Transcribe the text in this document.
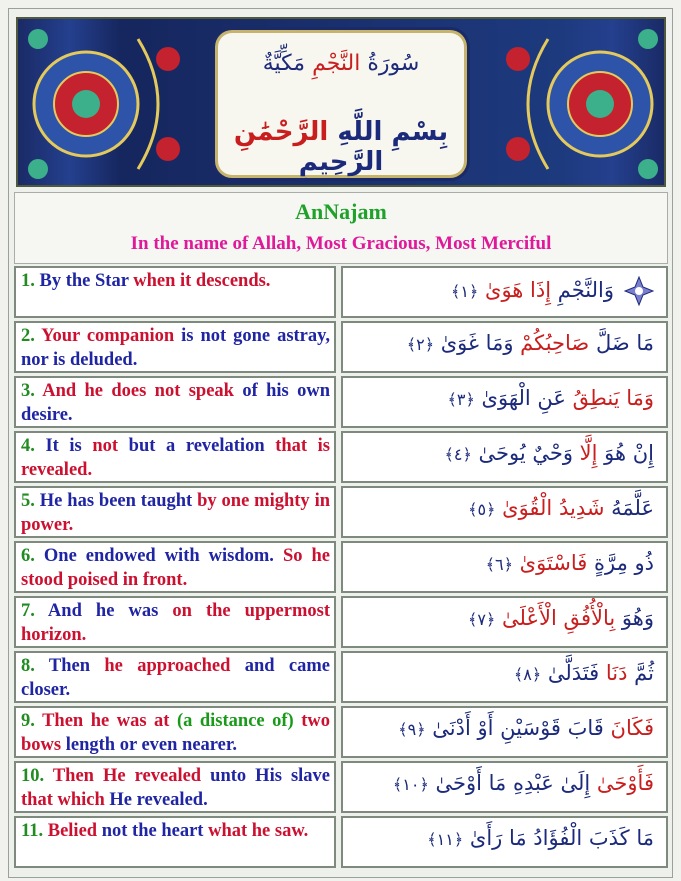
سُورَةُ النَّجْمِ مَكِّيَّةٌ
بِسْمِ اللَّهِ الرَّحْمَٰنِ الرَّحِيمِ
AnNajam
In the name of Allah, Most Gracious, Most Merciful
1. By the Star when it descends.	وَالنَّجْمِ إِذَا هَوَىٰ ﴿١﴾
2. Your companion is not gone astray, nor is deluded.
مَا ضَلَّ صَاحِبُكُمْ وَمَا غَوَىٰ ﴿٢﴾
3. And he does not speak of his own desire.
وَمَا يَنطِقُ عَنِ الْهَوَىٰ ﴿٣﴾
4. It is not but a revelation that is revealed.
إِنْ هُوَ إِلَّا وَحْيٌ يُوحَىٰ ﴿٤﴾
5. He has been taught by one mighty in power.
عَلَّمَهُ شَدِيدُ الْقُوَىٰ ﴿٥﴾
6. One endowed with wisdom. So he stood poised in front.
ذُو مِرَّةٍ فَاسْتَوَىٰ ﴿٦﴾
7. And he was on the uppermost horizon.
وَهُوَ بِالْأُفُقِ الْأَعْلَىٰ ﴿٧﴾
8. Then he approached and came closer.
ثُمَّ دَنَا فَتَدَلَّىٰ ﴿٨﴾
9. Then he was at (a distance of) two bows length or even nearer.
فَكَانَ قَابَ قَوْسَيْنِ أَوْ أَدْنَىٰ ﴿٩﴾
10. Then He revealed unto His slave that which He revealed.
فَأَوْحَىٰ إِلَىٰ عَبْدِهِ مَا أَوْحَىٰ ﴿١٠﴾
11. Belied not the heart what he saw.	مَا كَذَبَ الْفُؤَادُ مَا رَأَىٰ ﴿١١﴾
